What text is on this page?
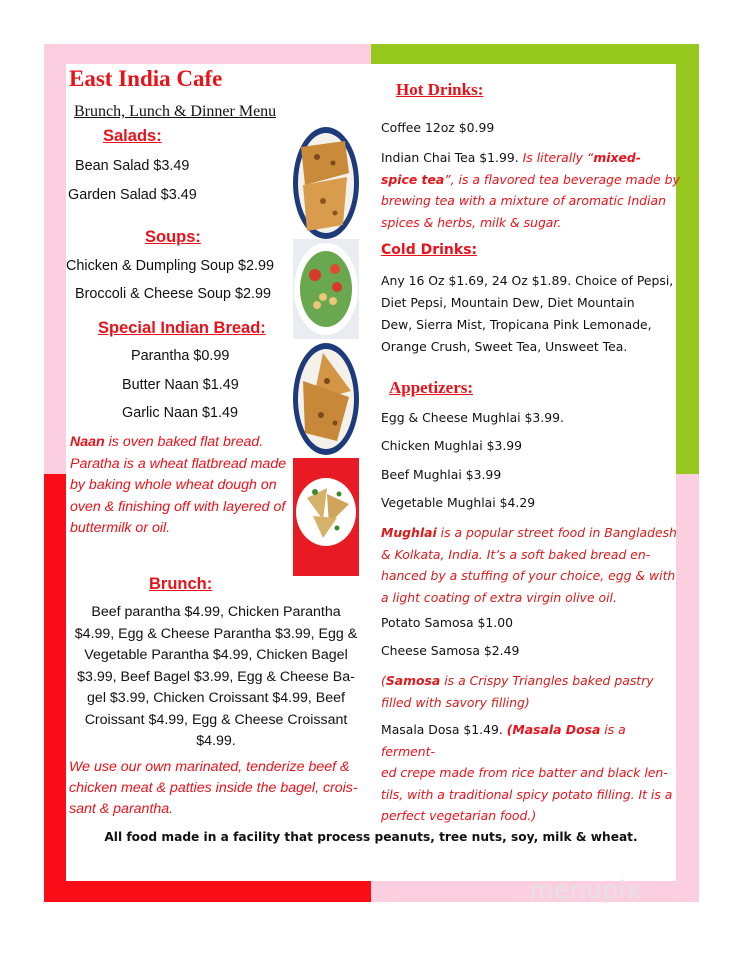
East India Cafe
Brunch, Lunch & Dinner Menu
Salads:
Bean Salad $3.49
Garden Salad $3.49
Soups:
Chicken & Dumpling Soup $2.99
Broccoli & Cheese Soup $2.99
Special Indian Bread:
Parantha $0.99
Butter Naan $1.49
Garlic Naan $1.49
Naan is oven baked flat bread.
Paratha is a wheat flatbread made
by baking whole wheat dough on
oven & finishing off with layered of
buttermilk or oil.
Brunch:
Beef parantha $4.99, Chicken Parantha
$4.99, Egg & Cheese Parantha $3.99, Egg &
Vegetable Parantha $4.99, Chicken Bagel
$3.99, Beef Bagel $3.99, Egg & Cheese Ba-
gel $3.99, Chicken Croissant $4.99, Beef
Croissant $4.99, Egg & Cheese Croissant
$4.99.
We use our own marinated, tenderize beef &
chicken meat & patties inside the bagel, crois-
sant & parantha.
Hot Drinks:
Coffee 12oz $0.99
Indian Chai Tea $1.99. Is literally “mixed-
spice tea”, is a flavored tea beverage made by
brewing tea with a mixture of aromatic Indian
spices & herbs, milk & sugar.
Cold Drinks:
Any 16 Oz $1.69, 24 Oz $1.89. Choice of Pepsi,
Diet Pepsi, Mountain Dew, Diet Mountain
Dew, Sierra Mist, Tropicana Pink Lemonade,
Orange Crush, Sweet Tea, Unsweet Tea.
Appetizers:
Egg & Cheese Mughlai $3.99.
Chicken Mughlai $3.99
Beef Mughlai $3.99
Vegetable Mughlai $4.29
Mughlai is a popular street food in Bangladesh
& Kolkata, India. It’s a soft baked bread en-
hanced by a stuffing of your choice, egg & with
a light coating of extra virgin olive oil.
Potato Samosa $1.00
Cheese Samosa $2.49
(Samosa is a Crispy Triangles baked pastry
filled with savory filling)
Masala Dosa $1.49. (Masala Dosa is a ferment-
ed crepe made from rice batter and black len-
tils, with a traditional spicy potato filling. It is a
perfect vegetarian food.)
All food made in a facility that process peanuts, tree nuts, soy, milk & wheat.
menupix
